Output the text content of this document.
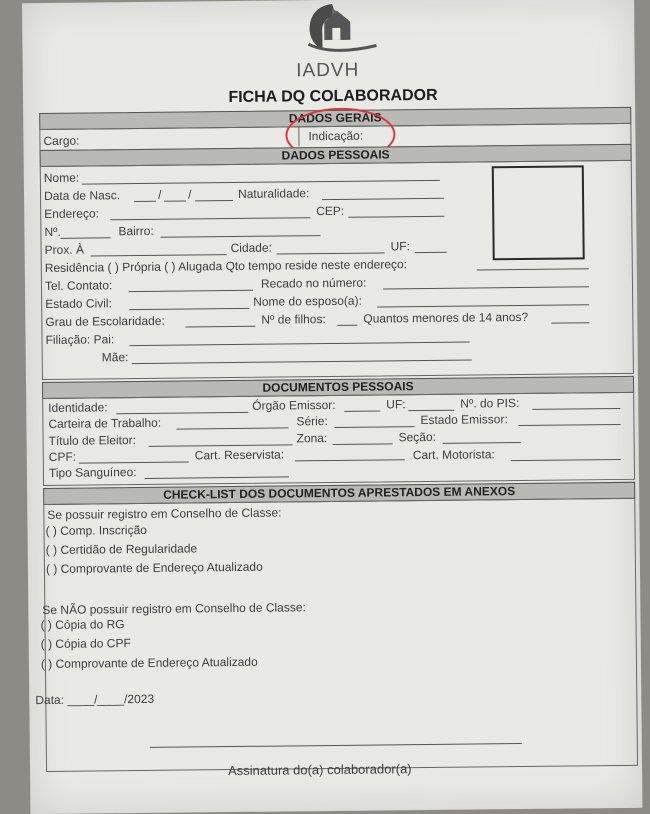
IADVH
FICHA DQ COLABORADOR
DADOS GERAIS
Cargo:	Indicação:
DADOS PESSOAIS
Nome:
Data de Nasc.	/ /	Naturalidade:
Endereço:	CEP:
Nº.	Bairro:
Prox. À	Cidade:	UF:
Residência ( ) Própria ( ) Alugada Qto tempo reside neste endereço:
Tel. Contato:	Recado no número:
Estado Civil:	Nome do esposo(a):
Grau de Escolaridade:	Nº de filhos:	Quantos menores de 14 anos?
Filiação: Pai:
Mãe:
DOCUMENTOS PESSOAIS
Identidade:	Órgão Emissor:	UF:	Nº. do PIS:
Carteira de Trabalho:	Série:	Estado Emissor:
Título de Eleitor:	Zona:	Seção:
CPF:	Cart. Reservista:	Cart. Motorista:
Tipo Sanguíneo:
CHECK-LIST DOS DOCUMENTOS APRESTADOS EM ANEXOS
Se possuir registro em Conselho de Classe:
( ) Comp. Inscrição
( ) Certidão de Regularidade
( ) Comprovante de Endereço Atualizado
Se NÃO possuir registro em Conselho de Classe:
( ) Cópia do RG
( ) Cópia do CPF
( ) Comprovante de Endereço Atualizado
Data: ____/____/2023
Assinatura do(a) colaborador(a)
